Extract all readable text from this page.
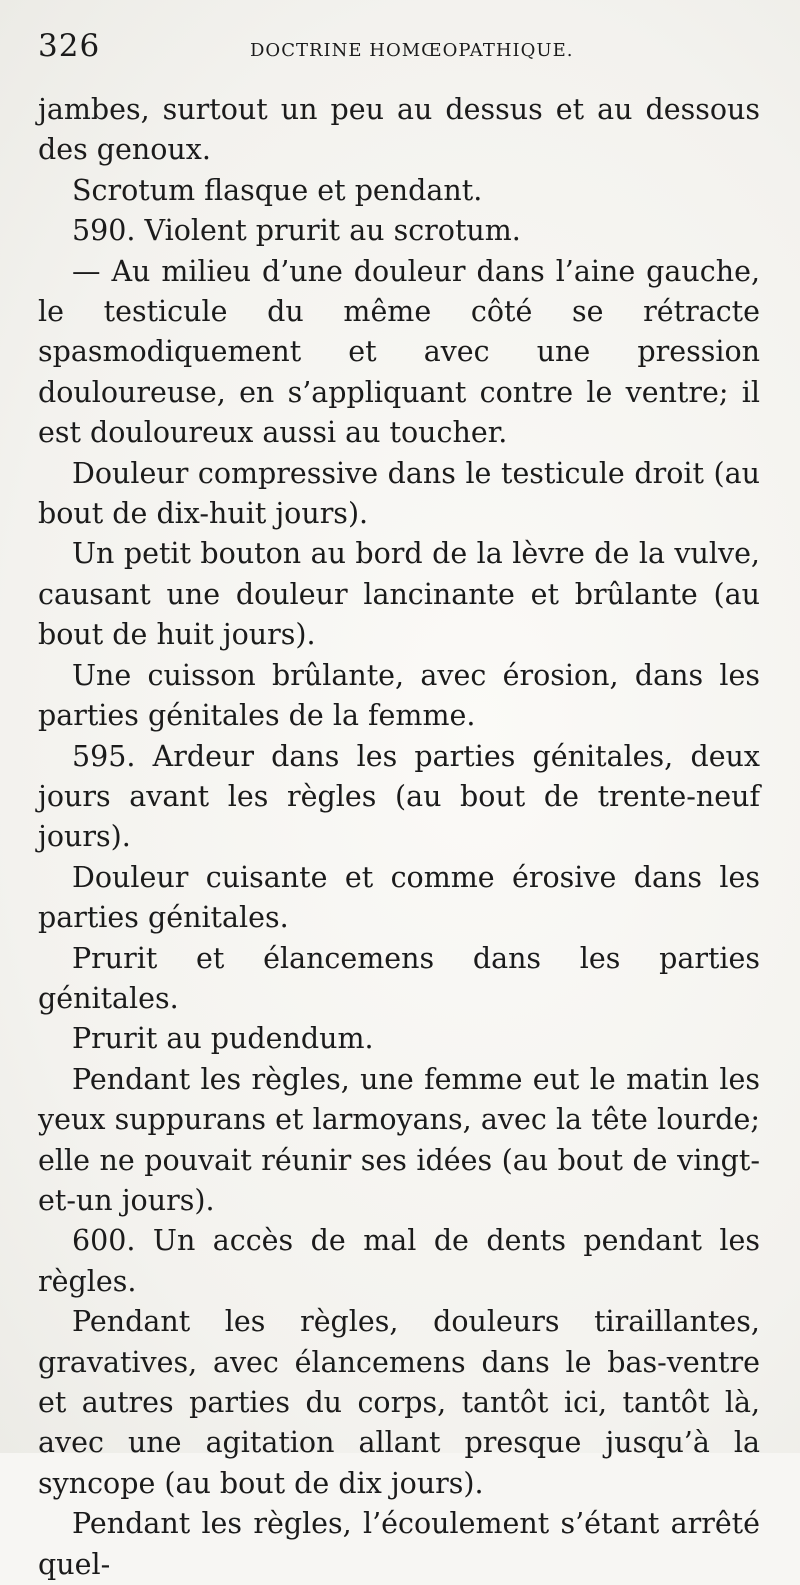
326	DOCTRINE HOMŒOPATHIQUE.

jambes, surtout un peu au dessus et au dessous des genoux.

Scrotum flasque et pendant.

590. Violent prurit au scrotum.

— Au milieu d’une douleur dans l’aine gauche, le testicule du même côté se rétracte spasmodiquement et avec une pression douloureuse, en s’appliquant contre le ventre; il est douloureux aussi au toucher.

Douleur compressive dans le testicule droit (au bout de dix-huit jours).

Un petit bouton au bord de la lèvre de la vulve, causant une douleur lancinante et brûlante (au bout de huit jours).

Une cuisson brûlante, avec érosion, dans les parties génitales de la femme.

595. Ardeur dans les parties génitales, deux jours avant les règles (au bout de trente-neuf jours).

Douleur cuisante et comme érosive dans les parties génitales.

Prurit et élancemens dans les parties génitales.

Prurit au pudendum.

Pendant les règles, une femme eut le matin les yeux suppurans et larmoyans, avec la tête lourde; elle ne pouvait réunir ses idées (au bout de vingt-et-un jours).

600. Un accès de mal de dents pendant les règles.

Pendant les règles, douleurs tiraillantes, gravatives, avec élancemens dans le bas-ventre et autres parties du corps, tantôt ici, tantôt là, avec une agitation allant presque jusqu’à la syncope (au bout de dix jours).

Pendant les règles, l’écoulement s’étant arrêté quel-
